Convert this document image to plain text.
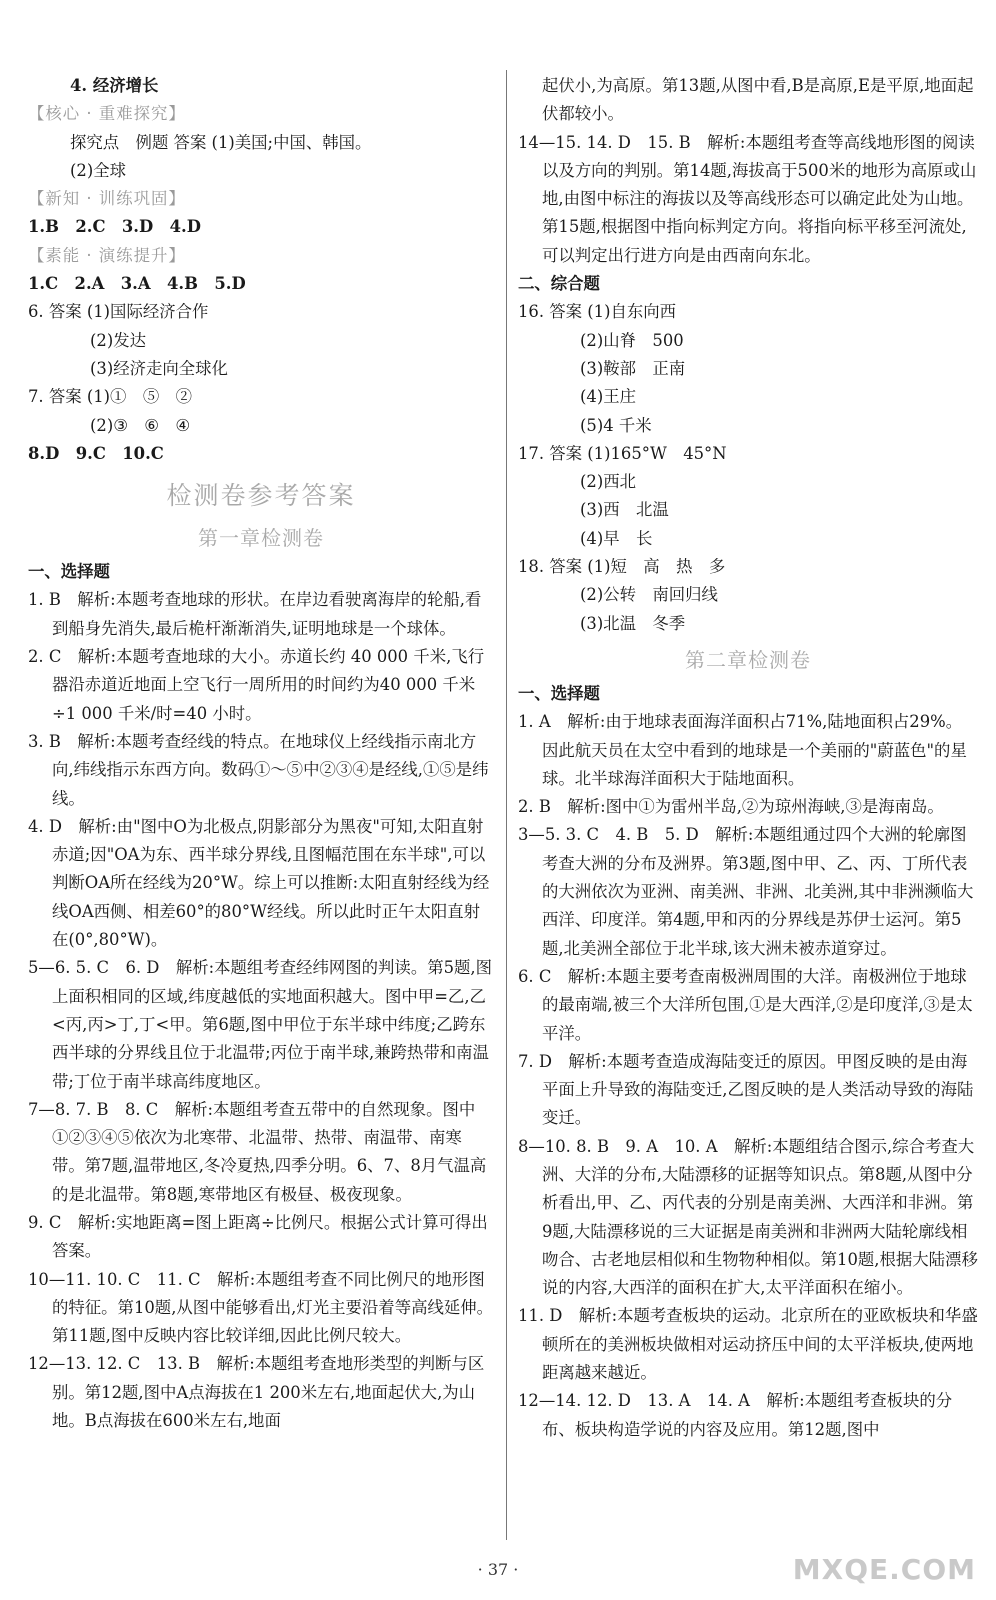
4. 经济增长

【核心 · 重难探究】

探究点　例题 答案 (1)美国;中国、韩国。

(2)全球

【新知 · 训练巩固】

1.B　2.C　3.D　4.D

【素能 · 演练提升】

1.C　2.A　3.A　4.B　5.D

6. 答案 (1)国际经济合作

(2)发达

(3)经济走向全球化

7. 答案 (1)①　⑤　②

(2)③　⑥　④

8.D　9.C　10.C

检测卷参考答案
第一章检测卷

一、选择题

1. B　解析:本题考查地球的形状。在岸边看驶离海岸的轮船,看到船身先消失,最后桅杆渐渐消失,证明地球是一个球体。

2. C　解析:本题考查地球的大小。赤道长约 40 000 千米,飞行器沿赤道近地面上空飞行一周所用的时间约为40 000 千米÷1 000 千米/时=40 小时。

3. B　解析:本题考查经线的特点。在地球仪上经线指示南北方向,纬线指示东西方向。数码①～⑤中②③④是经线,①⑤是纬线。

4. D　解析:由"图中O为北极点,阴影部分为黑夜"可知,太阳直射赤道;因"OA为东、西半球分界线,且图幅范围在东半球",可以判断OA所在经线为20°W。综上可以推断:太阳直射经线为经线OA西侧、相差60°的80°W经线。所以此时正午太阳直射在(0°,80°W)。

5—6. 5. C　6. D　解析:本题组考查经纬网图的判读。第5题,图上面积相同的区域,纬度越低的实地面积越大。图中甲=乙,乙<丙,丙>丁,丁<甲。第6题,图中甲位于东半球中纬度;乙跨东西半球的分界线且位于北温带;丙位于南半球,兼跨热带和南温带;丁位于南半球高纬度地区。

7—8. 7. B　8. C　解析:本题组考查五带中的自然现象。图中①②③④⑤依次为北寒带、北温带、热带、南温带、南寒带。第7题,温带地区,冬冷夏热,四季分明。6、7、8月气温高的是北温带。第8题,寒带地区有极昼、极夜现象。

9. C　解析:实地距离=图上距离÷比例尺。根据公式计算可得出答案。

10—11. 10. C　11. C　解析:本题组考查不同比例尺的地形图的特征。第10题,从图中能够看出,灯光主要沿着等高线延伸。第11题,图中反映内容比较详细,因此比例尺较大。

12—13. 12. C　13. B　解析:本题组考查地形类型的判断与区别。第12题,图中A点海拔在1 200米左右,地面起伏大,为山地。B点海拔在600米左右,地面

起伏小,为高原。第13题,从图中看,B是高原,E是平原,地面起伏都较小。

14—15. 14. D　15. B　解析:本题组考查等高线地形图的阅读以及方向的判别。第14题,海拔高于500米的地形为高原或山地,由图中标注的海拔以及等高线形态可以确定此处为山地。第15题,根据图中指向标判定方向。将指向标平移至河流处,可以判定出行进方向是由西南向东北。

二、综合题

16. 答案 (1)自东向西

(2)山脊　500

(3)鞍部　正南

(4)王庄

(5)4 千米

17. 答案 (1)165°W　45°N

(2)西北

(3)西　北温

(4)早　长

18. 答案 (1)短　高　热　多

(2)公转　南回归线

(3)北温　冬季

第二章检测卷

一、选择题

1. A　解析:由于地球表面海洋面积占71%,陆地面积占29%。因此航天员在太空中看到的地球是一个美丽的"蔚蓝色"的星球。北半球海洋面积大于陆地面积。

2. B　解析:图中①为雷州半岛,②为琼州海峡,③是海南岛。

3—5. 3. C　4. B　5. D　解析:本题组通过四个大洲的轮廓图考查大洲的分布及洲界。第3题,图中甲、乙、丙、丁所代表的大洲依次为亚洲、南美洲、非洲、北美洲,其中非洲濒临大西洋、印度洋。第4题,甲和丙的分界线是苏伊士运河。第5题,北美洲全部位于北半球,该大洲未被赤道穿过。

6. C　解析:本题主要考查南极洲周围的大洋。南极洲位于地球的最南端,被三个大洋所包围,①是大西洋,②是印度洋,③是太平洋。

7. D　解析:本题考查造成海陆变迁的原因。甲图反映的是由海平面上升导致的海陆变迁,乙图反映的是人类活动导致的海陆变迁。

8—10. 8. B　9. A　10. A　解析:本题组结合图示,综合考查大洲、大洋的分布,大陆漂移的证据等知识点。第8题,从图中分析看出,甲、乙、丙代表的分别是南美洲、大西洋和非洲。第9题,大陆漂移说的三大证据是南美洲和非洲两大陆轮廓线相吻合、古老地层相似和生物物种相似。第10题,根据大陆漂移说的内容,大西洋的面积在扩大,太平洋面积在缩小。

11. D　解析:本题考查板块的运动。北京所在的亚欧板块和华盛顿所在的美洲板块做相对运动挤压中间的太平洋板块,使两地距离越来越近。

12—14. 12. D　13. A　14. A　解析:本题组考查板块的分布、板块构造学说的内容及应用。第12题,图中

· 37 ·	MXQE.COM
